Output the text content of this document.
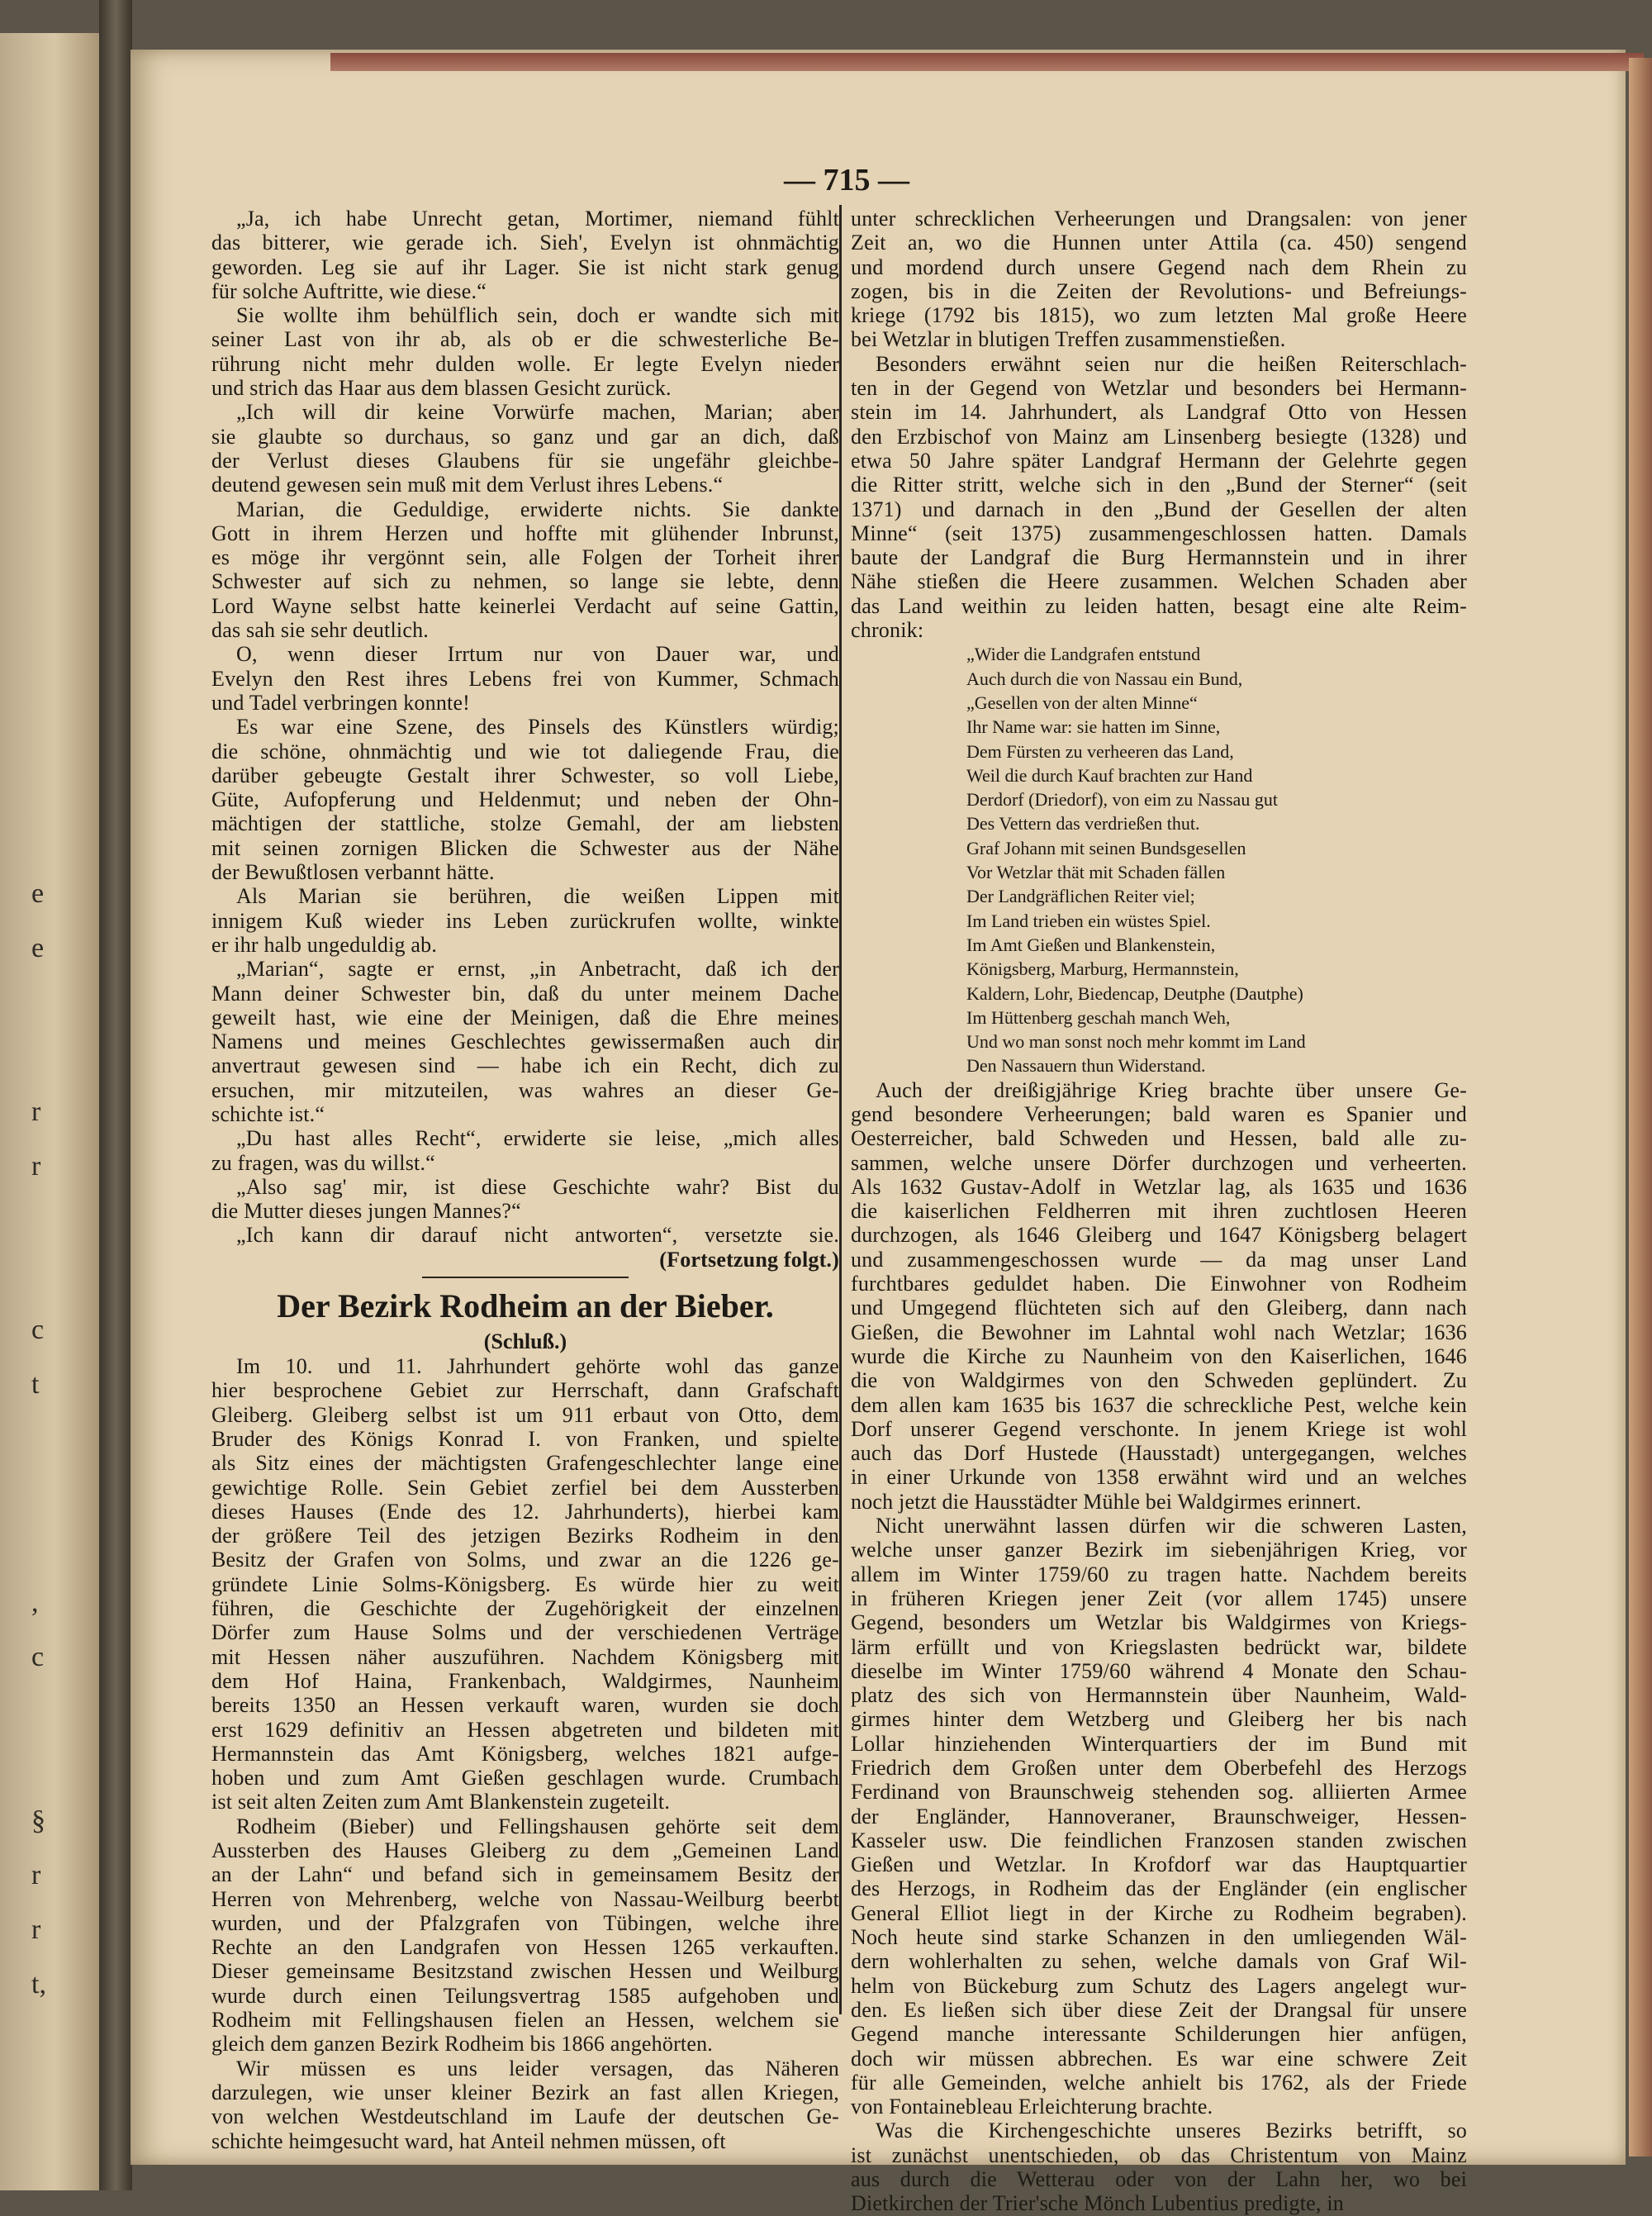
e
e
r
r
c
t
,
c
§
r
r
t,
— 715 —
„Ja, ich habe Unrecht getan, Mortimer, niemand fühlt
das bitterer, wie gerade ich. Sieh', Evelyn ist ohnmächtig
geworden. Leg sie auf ihr Lager. Sie ist nicht stark genug
für solche Auftritte, wie diese.“
Sie wollte ihm behülflich sein, doch er wandte sich mit
seiner Last von ihr ab, als ob er die schwesterliche Be-
rührung nicht mehr dulden wolle. Er legte Evelyn nieder
und strich das Haar aus dem blassen Gesicht zurück.
„Ich will dir keine Vorwürfe machen, Marian; aber
sie glaubte so durchaus, so ganz und gar an dich, daß
der Verlust dieses Glaubens für sie ungefähr gleichbe-
deutend gewesen sein muß mit dem Verlust ihres Lebens.“
Marian, die Geduldige, erwiderte nichts. Sie dankte
Gott in ihrem Herzen und hoffte mit glühender Inbrunst,
es möge ihr vergönnt sein, alle Folgen der Torheit ihrer
Schwester auf sich zu nehmen, so lange sie lebte, denn
Lord Wayne selbst hatte keinerlei Verdacht auf seine Gattin,
das sah sie sehr deutlich.
O, wenn dieser Irrtum nur von Dauer war, und
Evelyn den Rest ihres Lebens frei von Kummer, Schmach
und Tadel verbringen konnte!
Es war eine Szene, des Pinsels des Künstlers würdig;
die schöne, ohnmächtig und wie tot daliegende Frau, die
darüber gebeugte Gestalt ihrer Schwester, so voll Liebe,
Güte, Aufopferung und Heldenmut; und neben der Ohn-
mächtigen der stattliche, stolze Gemahl, der am liebsten
mit seinen zornigen Blicken die Schwester aus der Nähe
der Bewußtlosen verbannt hätte.
Als Marian sie berühren, die weißen Lippen mit
innigem Kuß wieder ins Leben zurückrufen wollte, winkte
er ihr halb ungeduldig ab.
„Marian“, sagte er ernst, „in Anbetracht, daß ich der
Mann deiner Schwester bin, daß du unter meinem Dache
geweilt hast, wie eine der Meinigen, daß die Ehre meines
Namens und meines Geschlechtes gewissermaßen auch dir
anvertraut gewesen sind — habe ich ein Recht, dich zu
ersuchen, mir mitzuteilen, was wahres an dieser Ge-
schichte ist.“
„Du hast alles Recht“, erwiderte sie leise, „mich alles
zu fragen, was du willst.“
„Also sag' mir, ist diese Geschichte wahr? Bist du
die Mutter dieses jungen Mannes?“
„Ich kann dir darauf nicht antworten“, versetzte sie.
(Fortsetzung folgt.)
Der Bezirk Rodheim an der Bieber.
(Schluß.)
Im 10. und 11. Jahrhundert gehörte wohl das ganze
hier besprochene Gebiet zur Herrschaft, dann Grafschaft
Gleiberg. Gleiberg selbst ist um 911 erbaut von Otto, dem
Bruder des Königs Konrad I. von Franken, und spielte
als Sitz eines der mächtigsten Grafengeschlechter lange eine
gewichtige Rolle. Sein Gebiet zerfiel bei dem Aussterben
dieses Hauses (Ende des 12. Jahrhunderts), hierbei kam
der größere Teil des jetzigen Bezirks Rodheim in den
Besitz der Grafen von Solms, und zwar an die 1226 ge-
gründete Linie Solms-Königsberg. Es würde hier zu weit
führen, die Geschichte der Zugehörigkeit der einzelnen
Dörfer zum Hause Solms und der verschiedenen Verträge
mit Hessen näher auszuführen. Nachdem Königsberg mit
dem Hof Haina, Frankenbach, Waldgirmes, Naunheim
bereits 1350 an Hessen verkauft waren, wurden sie doch
erst 1629 definitiv an Hessen abgetreten und bildeten mit
Hermannstein das Amt Königsberg, welches 1821 aufge-
hoben und zum Amt Gießen geschlagen wurde. Crumbach
ist seit alten Zeiten zum Amt Blankenstein zugeteilt.
Rodheim (Bieber) und Fellingshausen gehörte seit dem
Aussterben des Hauses Gleiberg zu dem „Gemeinen Land
an der Lahn“ und befand sich in gemeinsamem Besitz der
Herren von Mehrenberg, welche von Nassau-Weilburg beerbt
wurden, und der Pfalzgrafen von Tübingen, welche ihre
Rechte an den Landgrafen von Hessen 1265 verkauften.
Dieser gemeinsame Besitzstand zwischen Hessen und Weilburg
wurde durch einen Teilungsvertrag 1585 aufgehoben und
Rodheim mit Fellingshausen fielen an Hessen, welchem sie
gleich dem ganzen Bezirk Rodheim bis 1866 angehörten.
Wir müssen es uns leider versagen, das Näheren
darzulegen, wie unser kleiner Bezirk an fast allen Kriegen,
von welchen Westdeutschland im Laufe der deutschen Ge-
schichte heimgesucht ward, hat Anteil nehmen müssen, oft
unter schrecklichen Verheerungen und Drangsalen: von jener
Zeit an, wo die Hunnen unter Attila (ca. 450) sengend
und mordend durch unsere Gegend nach dem Rhein zu
zogen, bis in die Zeiten der Revolutions- und Befreiungs-
kriege (1792 bis 1815), wo zum letzten Mal große Heere
bei Wetzlar in blutigen Treffen zusammenstießen.
Besonders erwähnt seien nur die heißen Reiterschlach-
ten in der Gegend von Wetzlar und besonders bei Hermann-
stein im 14. Jahrhundert, als Landgraf Otto von Hessen
den Erzbischof von Mainz am Linsenberg besiegte (1328) und
etwa 50 Jahre später Landgraf Hermann der Gelehrte gegen
die Ritter stritt, welche sich in den „Bund der Sterner“ (seit
1371) und darnach in den „Bund der Gesellen der alten
Minne“ (seit 1375) zusammengeschlossen hatten. Damals
baute der Landgraf die Burg Hermannstein und in ihrer
Nähe stießen die Heere zusammen. Welchen Schaden aber
das Land weithin zu leiden hatten, besagt eine alte Reim-
chronik:
„Wider die Landgrafen entstund
Auch durch die von Nassau ein Bund,
„Gesellen von der alten Minne“
Ihr Name war: sie hatten im Sinne,
Dem Fürsten zu verheeren das Land,
Weil die durch Kauf brachten zur Hand
Derdorf (Driedorf), von eim zu Nassau gut
Des Vettern das verdrießen thut.
Graf Johann mit seinen Bundsgesellen
Vor Wetzlar thät mit Schaden fällen
Der Landgräflichen Reiter viel;
Im Land trieben ein wüstes Spiel.
Im Amt Gießen und Blankenstein,
Königsberg, Marburg, Hermannstein,
Kaldern, Lohr, Biedencap, Deutphe (Dautphe)
Im Hüttenberg geschah manch Weh,
Und wo man sonst noch mehr kommt im Land
Den Nassauern thun Widerstand.
Auch der dreißigjährige Krieg brachte über unsere Ge-
gend besondere Verheerungen; bald waren es Spanier und
Oesterreicher, bald Schweden und Hessen, bald alle zu-
sammen, welche unsere Dörfer durchzogen und verheerten.
Als 1632 Gustav-Adolf in Wetzlar lag, als 1635 und 1636
die kaiserlichen Feldherren mit ihren zuchtlosen Heeren
durchzogen, als 1646 Gleiberg und 1647 Königsberg belagert
und zusammengeschossen wurde — da mag unser Land
furchtbares geduldet haben. Die Einwohner von Rodheim
und Umgegend flüchteten sich auf den Gleiberg, dann nach
Gießen, die Bewohner im Lahntal wohl nach Wetzlar; 1636
wurde die Kirche zu Naunheim von den Kaiserlichen, 1646
die von Waldgirmes von den Schweden geplündert. Zu
dem allen kam 1635 bis 1637 die schreckliche Pest, welche kein
Dorf unserer Gegend verschonte. In jenem Kriege ist wohl
auch das Dorf Hustede (Hausstadt) untergegangen, welches
in einer Urkunde von 1358 erwähnt wird und an welches
noch jetzt die Hausstädter Mühle bei Waldgirmes erinnert.
Nicht unerwähnt lassen dürfen wir die schweren Lasten,
welche unser ganzer Bezirk im siebenjährigen Krieg, vor
allem im Winter 1759/60 zu tragen hatte. Nachdem bereits
in früheren Kriegen jener Zeit (vor allem 1745) unsere
Gegend, besonders um Wetzlar bis Waldgirmes von Kriegs-
lärm erfüllt und von Kriegslasten bedrückt war, bildete
dieselbe im Winter 1759/60 während 4 Monate den Schau-
platz des sich von Hermannstein über Naunheim, Wald-
girmes hinter dem Wetzberg und Gleiberg her bis nach
Lollar hinziehenden Winterquartiers der im Bund mit
Friedrich dem Großen unter dem Oberbefehl des Herzogs
Ferdinand von Braunschweig stehenden sog. alliierten Armee
der Engländer, Hannoveraner, Braunschweiger, Hessen-
Kasseler usw. Die feindlichen Franzosen standen zwischen
Gießen und Wetzlar. In Krofdorf war das Hauptquartier
des Herzogs, in Rodheim das der Engländer (ein englischer
General Elliot liegt in der Kirche zu Rodheim begraben).
Noch heute sind starke Schanzen in den umliegenden Wäl-
dern wohlerhalten zu sehen, welche damals von Graf Wil-
helm von Bückeburg zum Schutz des Lagers angelegt wur-
den. Es ließen sich über diese Zeit der Drangsal für unsere
Gegend manche interessante Schilderungen hier anfügen,
doch wir müssen abbrechen. Es war eine schwere Zeit
für alle Gemeinden, welche anhielt bis 1762, als der Friede
von Fontainebleau Erleichterung brachte.
Was die Kirchengeschichte unseres Bezirks betrifft, so
ist zunächst unentschieden, ob das Christentum von Mainz
aus durch die Wetterau oder von der Lahn her, wo bei
Dietkirchen der Trier'sche Mönch Lubentius predigte, in
